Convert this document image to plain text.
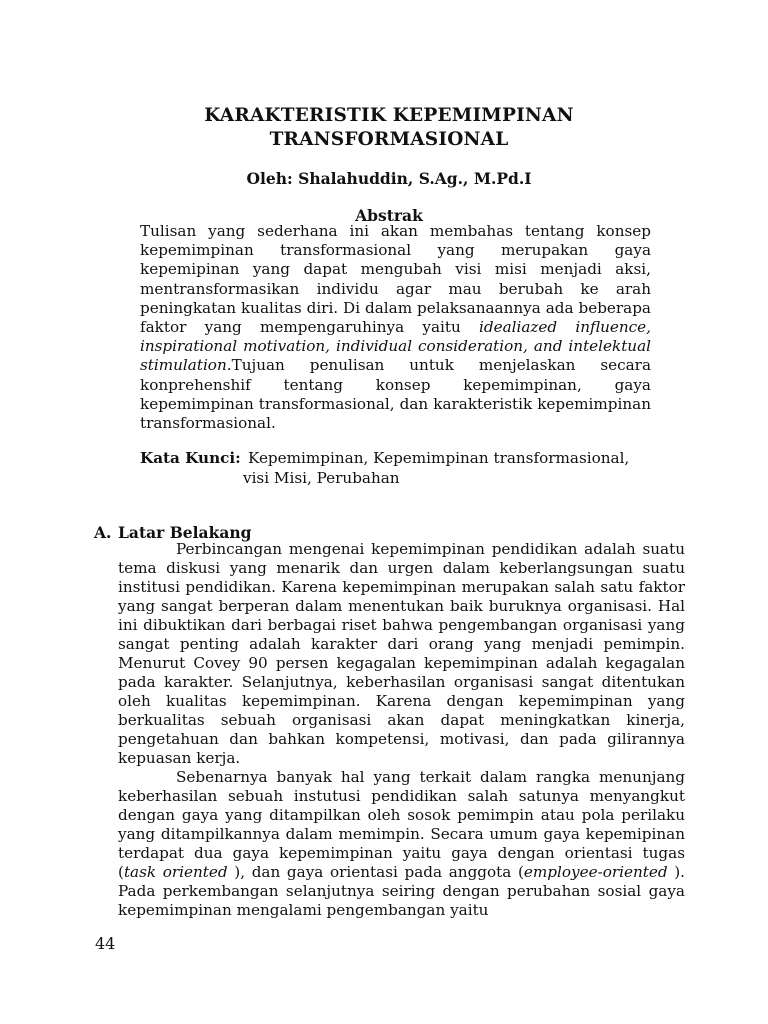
KARAKTERISTIK KEPEMIMPINAN
TRANSFORMASIONAL
Oleh: Shalahuddin, S.Ag., M.Pd.I
Abstrak
Tulisan yang sederhana ini akan membahas tentang konsep kepemimpinan transformasional yang merupakan gaya kepemipinan yang dapat mengubah visi misi menjadi aksi, mentransformasikan individu agar mau berubah ke arah peningkatan kualitas diri. Di dalam pelaksanaannya ada beberapa faktor yang mempengaruhinya yaitu idealiazed influence, inspirational motivation, individual consideration, and intelektual stimulation.Tujuan penulisan untuk menjelaskan secara konprehenshif tentang konsep kepemimpinan, gaya kepemimpinan transformasional, dan karakteristik kepemimpinan transformasional.
Kata Kunci: Kepemimpinan, Kepemimpinan transformasional,
visi Misi, Perubahan
A. Latar Belakang

Perbincangan mengenai kepemimpinan pendidikan adalah suatu tema diskusi yang menarik dan urgen dalam keberlangsungan suatu institusi pendidikan. Karena kepemimpinan merupakan salah satu faktor yang sangat berperan dalam menentukan baik buruknya organisasi. Hal ini dibuktikan dari berbagai riset bahwa pengembangan organisasi yang sangat penting adalah karakter dari orang yang menjadi pemimpin. Menurut Covey 90 persen kegagalan kepemimpinan adalah kegagalan pada karakter. Selanjutnya, keberhasilan organisasi sangat ditentukan oleh kualitas kepemimpinan. Karena dengan kepemimpinan yang berkualitas sebuah organisasi akan dapat meningkatkan kinerja, pengetahuan dan bahkan kompetensi, motivasi, dan pada gilirannya kepuasan kerja.

Sebenarnya banyak hal yang terkait dalam rangka menunjang keberhasilan sebuah instutusi pendidikan salah satunya menyangkut dengan gaya yang ditampilkan oleh sosok pemimpin atau pola perilaku yang ditampilkannya dalam memimpin. Secara umum gaya kepemipinan terdapat dua gaya kepemimpinan yaitu gaya dengan orientasi tugas (task oriented ), dan gaya orientasi pada anggota (employee-oriented ). Pada perkembangan selanjutnya seiring dengan perubahan sosial gaya kepemimpinan mengalami pengembangan yaitu

44
